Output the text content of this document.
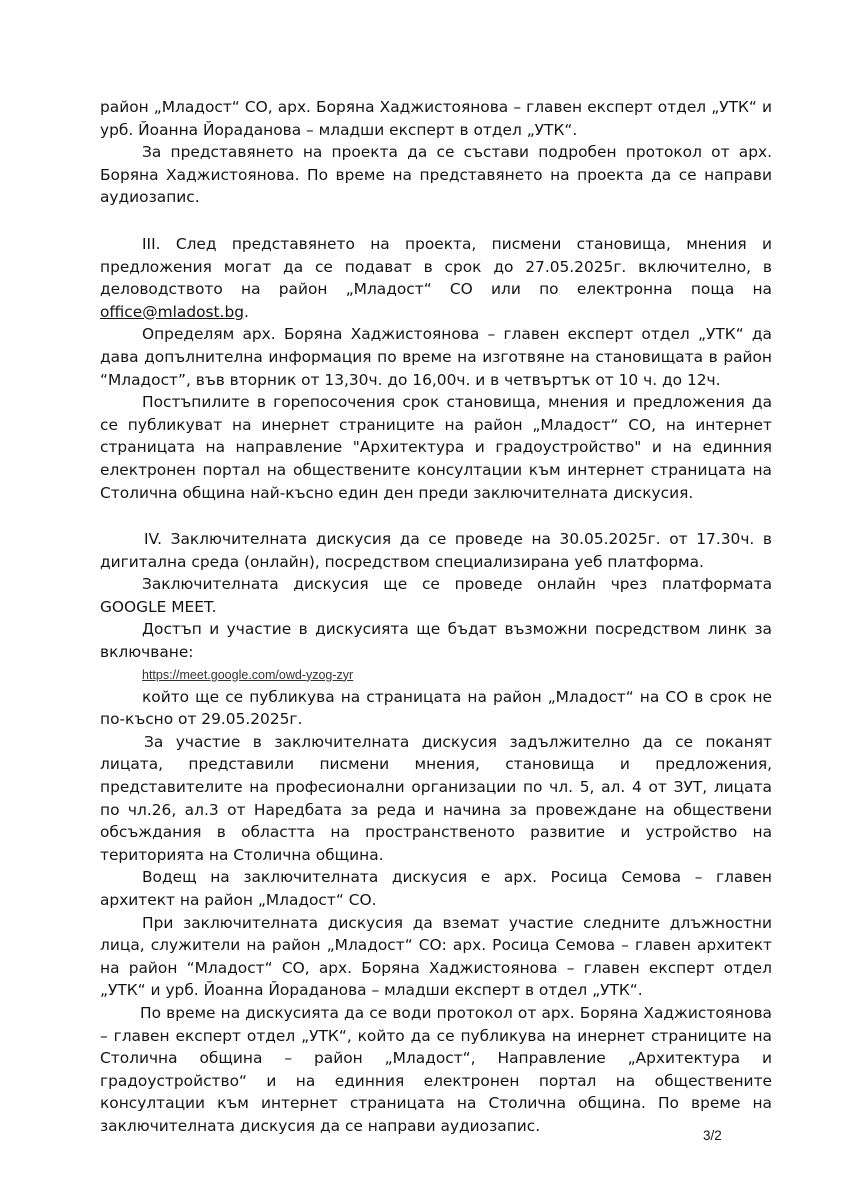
район „Младост“ СО, арх. Боряна Хаджистоянова – главен експерт отдел „УТК“ и урб. Йоанна Йораданова – младши експерт в отдел „УТК“.

За представянето на проекта да се състави подробен протокол от арх. Боряна Хаджистоянова. По време на представянето на проекта да се направи аудиозапис.

III. След представянето на проекта, писмени становища, мнения и предложения могат да се подават в срок до 27.05.2025г. включително, в деловодството на район „Младост“ СО или по електронна поща на office@mladost.bg.

Определям арх. Боряна Хаджистоянова – главен експерт отдел „УТК“ да дава допълнителна информация по време на изготвяне на становищата в район “Младост”, във вторник от 13,30ч. до 16,00ч. и в четвъртък от 10 ч. до 12ч.

Постъпилите в горепосочения срок становища, мнения и предложения да се публикуват на инернет страниците на район „Младост“ СО, на интернет страницата на направление "Архитектура и градоустройство" и на единния електронен портал на обществените консултации към интернет страницата на Столична община най-късно един ден преди заключителната дискусия.

IV. Заключителната дискусия да се проведе на 30.05.2025г. от 17.30ч. в дигитална среда (онлайн), посредством специализирана уеб платформа.

Заключителната дискусия ще се проведе онлайн чрез платформата GOOGLE MEET.

Достъп и участие в дискусията ще бъдат възможни посредством линк за включване:

https://meet.google.com/owd-yzog-zyr

който ще се публикува на страницата на район „Младост“ на СО в срок не по-късно от 29.05.2025г.

За участие в заключителната дискусия задължително да се поканят лицата, представили писмени мнения, становища и предложения, представителите на професионални организации по чл. 5, ал. 4 от ЗУТ, лицата по чл.26, ал.3 от Наредбата за реда и начина за провеждане на обществени обсъждания в областта на пространственото развитие и устройство на територията на Столична община.

Водещ на заключителната дискусия е арх. Росица Семова – главен архитект на район „Младост“ СО.

При заключителната дискусия да вземат участие следните длъжностни лица, служители на район „Младост“ СО: арх. Росица Семова – главен архитект на район “Младост“ СО, арх. Боряна Хаджистоянова – главен експерт отдел „УТК“ и урб. Йоанна Йораданова – младши експерт в отдел „УТК“.

По време на дискусията да се води протокол от арх. Боряна Хаджистоянова – главен експерт отдел „УТК“, който да се публикува на инернет страниците на Столична община – район „Младост“, Направление „Архитектура и градоустройство“ и на единния електронен портал на обществените консултации към интернет страницата на Столична община. По време на заключителната дискусия да се направи аудиозапис.

3/2
